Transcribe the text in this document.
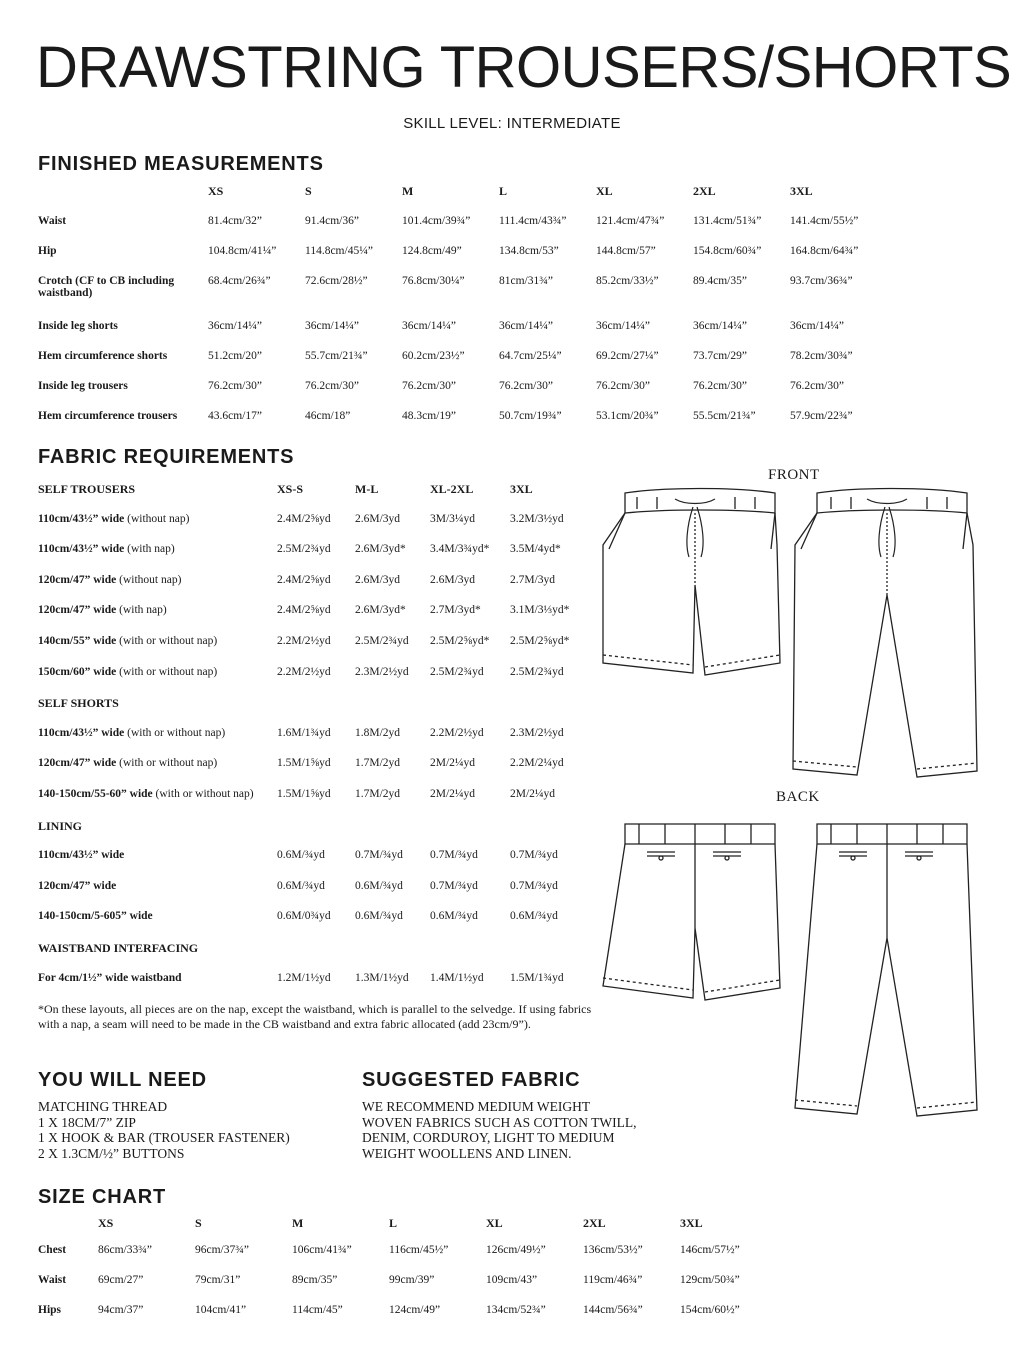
DRAWSTRING TROUSERS/SHORTS
SKILL LEVEL: INTERMEDIATE
FINISHED MEASUREMENTS
	XS	S	M	L	XL	2XL	3XL
Waist	81.4cm/32”	91.4cm/36”	101.4cm/39¾”	111.4cm/43¾”	121.4cm/47¾”	131.4cm/51¾”	141.4cm/55½”
Hip	104.8cm/41¼”	114.8cm/45¼”	124.8cm/49”	134.8cm/53”	144.8cm/57”	154.8cm/60¾”	164.8cm/64¾”
Crotch (CF to CB including waistband)	68.4cm/26¾”	72.6cm/28½”	76.8cm/30¼”	81cm/31¾”	85.2cm/33½”	89.4cm/35”	93.7cm/36¾”
Inside leg shorts	36cm/14¼”	36cm/14¼”	36cm/14¼”	36cm/14¼”	36cm/14¼”	36cm/14¼”	36cm/14¼”
Hem circumference shorts	51.2cm/20”	55.7cm/21¾”	60.2cm/23½”	64.7cm/25¼”	69.2cm/27¼”	73.7cm/29”	78.2cm/30¾”
Inside leg trousers	76.2cm/30”	76.2cm/30”	76.2cm/30”	76.2cm/30”	76.2cm/30”	76.2cm/30”	76.2cm/30”
Hem circumference trousers	43.6cm/17”	46cm/18”	48.3cm/19”	50.7cm/19¾”	53.1cm/20¾”	55.5cm/21¾”	57.9cm/22¾”
FABRIC REQUIREMENTS
SELF TROUSERS	XS-S	M-L	XL-2XL	3XL
110cm/43½” wide (without nap)	2.4M/2⅝yd	2.6M/3yd	3M/3¼yd	3.2M/3½yd
110cm/43½” wide (with nap)	2.5M/2¾yd	2.6M/3yd*	3.4M/3¾yd*	3.5M/4yd*
120cm/47” wide (without nap)	2.4M/2⅝yd	2.6M/3yd	2.6M/3yd	2.7M/3yd
120cm/47” wide (with nap)	2.4M/2⅝yd	2.6M/3yd*	2.7M/3yd*	3.1M/3⅓yd*
140cm/55” wide (with or without nap)	2.2M/2½yd	2.5M/2¾yd	2.5M/2⅝yd*	2.5M/2⅝yd*
150cm/60” wide (with or without nap)	2.2M/2½yd	2.3M/2½yd	2.5M/2¾yd	2.5M/2¾yd
SELF SHORTS				
110cm/43½” wide (with or without nap)	1.6M/1¾yd	1.8M/2yd	2.2M/2½yd	2.3M/2½yd
120cm/47” wide (with or without nap)	1.5M/1⅝yd	1.7M/2yd	2M/2¼yd	2.2M/2¼yd
140-150cm/55-60” wide (with or without nap)	1.5M/1⅝yd	1.7M/2yd	2M/2¼yd	2M/2¼yd
LINING				
110cm/43½” wide	0.6M/¾yd	0.7M/¾yd	0.7M/¾yd	0.7M/¾yd
120cm/47” wide	0.6M/¾yd	0.6M/¾yd	0.7M/¾yd	0.7M/¾yd
140-150cm/5-605” wide	0.6M/0¾yd	0.6M/¾yd	0.6M/¾yd	0.6M/¾yd
WAISTBAND INTERFACING				
For 4cm/1½” wide waistband	1.2M/1½yd	1.3M/1½yd	1.4M/1½yd	1.5M/1¾yd
*On these layouts, all pieces are on the nap, except the waistband, which is parallel to the selvedge. If using fabrics with a nap, a seam will need to be made in the CB waistband and extra fabric allocated (add 23cm/9”).
FRONT
BACK
YOU WILL NEED
MATCHING THREAD
1 X 18CM/7” ZIP
1 X HOOK & BAR (TROUSER FASTENER)
2 X 1.3CM/½” BUTTONS
SUGGESTED FABRIC
WE RECOMMEND MEDIUM WEIGHT
WOVEN FABRICS SUCH AS COTTON TWILL,
DENIM, CORDUROY, LIGHT TO MEDIUM
WEIGHT WOOLLENS AND LINEN.
SIZE CHART
	XS	S	M	L	XL	2XL	3XL
Chest	86cm/33¾”	96cm/37¾”	106cm/41¾”	116cm/45½”	126cm/49½”	136cm/53½”	146cm/57½”
Waist	69cm/27”	79cm/31”	89cm/35”	99cm/39”	109cm/43”	119cm/46¾”	129cm/50¾”
Hips	94cm/37”	104cm/41”	114cm/45”	124cm/49”	134cm/52¾”	144cm/56¾”	154cm/60½”
